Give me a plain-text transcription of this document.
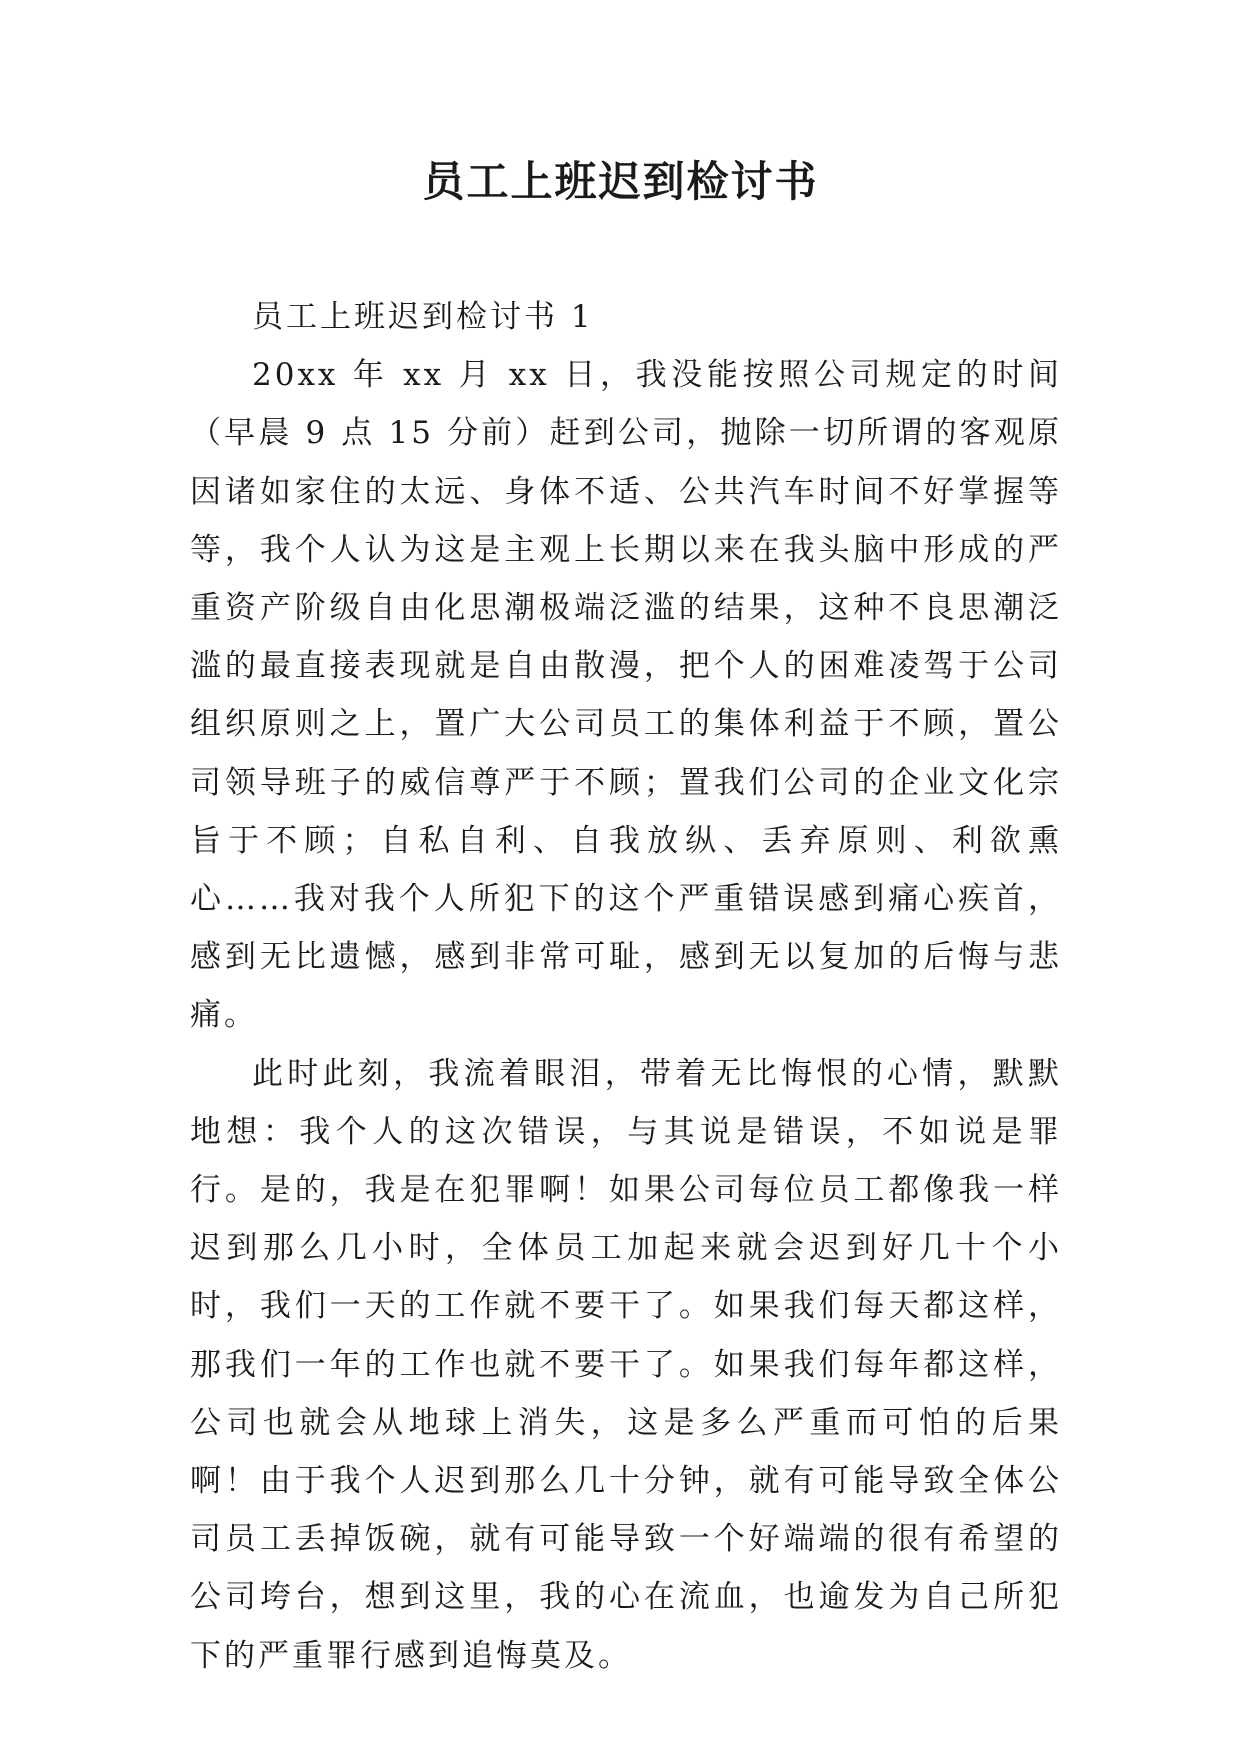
员工上班迟到检讨书

员工上班迟到检讨书 1

20xx 年 xx 月 xx 日，我没能按照公司规定的时间（早晨 9 点 15 分前）赶到公司，抛除一切所谓的客观原因诸如家住的太远、身体不适、公共汽车时间不好掌握等等，我个人认为这是主观上长期以来在我头脑中形成的严重资产阶级自由化思潮极端泛滥的结果，这种不良思潮泛滥的最直接表现就是自由散漫，把个人的困难凌驾于公司组织原则之上，置广大公司员工的集体利益于不顾，置公司领导班子的威信尊严于不顾；置我们公司的企业文化宗旨于不顾；自私自利、自我放纵、丢弃原则、利欲熏心……我对我个人所犯下的这个严重错误感到痛心疾首，感到无比遗憾，感到非常可耻，感到无以复加的后悔与悲痛。

此时此刻，我流着眼泪，带着无比悔恨的心情，默默地想：我个人的这次错误，与其说是错误，不如说是罪行。是的，我是在犯罪啊！如果公司每位员工都像我一样迟到那么几小时，全体员工加起来就会迟到好几十个小时，我们一天的工作就不要干了。如果我们每天都这样，那我们一年的工作也就不要干了。如果我们每年都这样，公司也就会从地球上消失，这是多么严重而可怕的后果啊！由于我个人迟到那么几十分钟，就有可能导致全体公司员工丢掉饭碗，就有可能导致一个好端端的很有希望的公司垮台，想到这里，我的心在流血，也逾发为自己所犯下的严重罪行感到追悔莫及。
